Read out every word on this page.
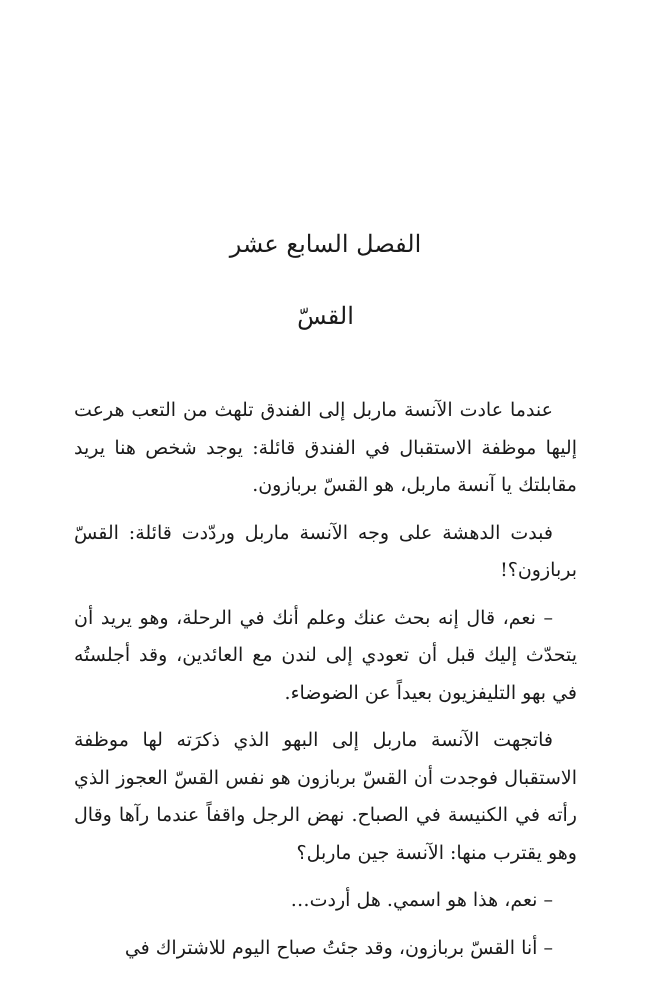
الفصل السابع عشر
القسّ

عندما عادت الآنسة ماربل إلى الفندق تلهث من التعب هرعت إليها موظفة الاستقبال في الفندق قائلة: يوجد شخص هنا يريد مقابلتك يا آنسة ماربل، هو القسّ بربازون.

فبدت الدهشة على وجه الآنسة ماربل وردّدت قائلة: القسّ بربازون؟!

– نعم، قال إنه بحث عنك وعلم أنك في الرحلة، وهو يريد أن يتحدّث إليك قبل أن تعودي إلى لندن مع العائدين، وقد أجلستُه في بهو التليفزيون بعيداً عن الضوضاء.

فاتجهت الآنسة ماربل إلى البهو الذي ذكرَته لها موظفة الاستقبال فوجدت أن القسّ بربازون هو نفس القسّ العجوز الذي رأته في الكنيسة في الصباح. نهض الرجل واقفاً عندما رآها وقال وهو يقترب منها: الآنسة جين ماربل؟

– نعم، هذا هو اسمي. هل أردت…

– أنا القسّ بربازون، وقد جئتُ صباح اليوم للاشتراك في
